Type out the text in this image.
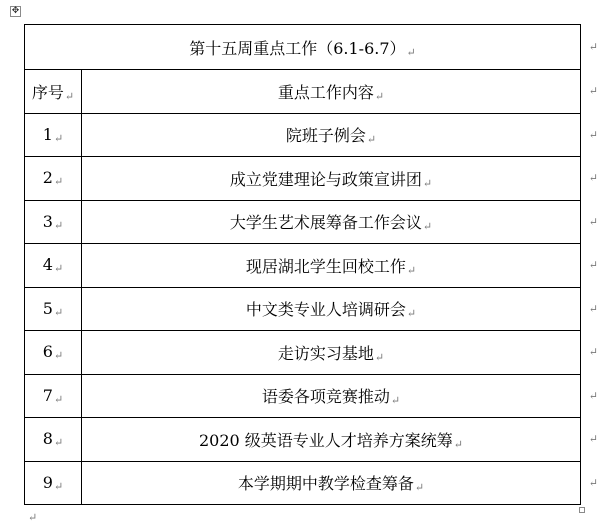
✥
第十五周重点工作（6.1-6.7）↵ ↵	

序号↵	重点工作内容↵ ↵

1↵	院班子例会↵ ↵

2↵	成立党建理论与政策宣讲团↵ ↵

3↵	大学生艺术展筹备工作会议↵ ↵

4↵	现居湖北学生回校工作↵ ↵

5↵	中文类专业人培调研会↵ ↵

6↵	走访实习基地↵ ↵

7↵	语委各项竞赛推动↵ ↵

8↵	2020 级英语专业人才培养方案统筹↵ ↵

9↵	本学期期中教学检查筹备↵ ↵
↵
